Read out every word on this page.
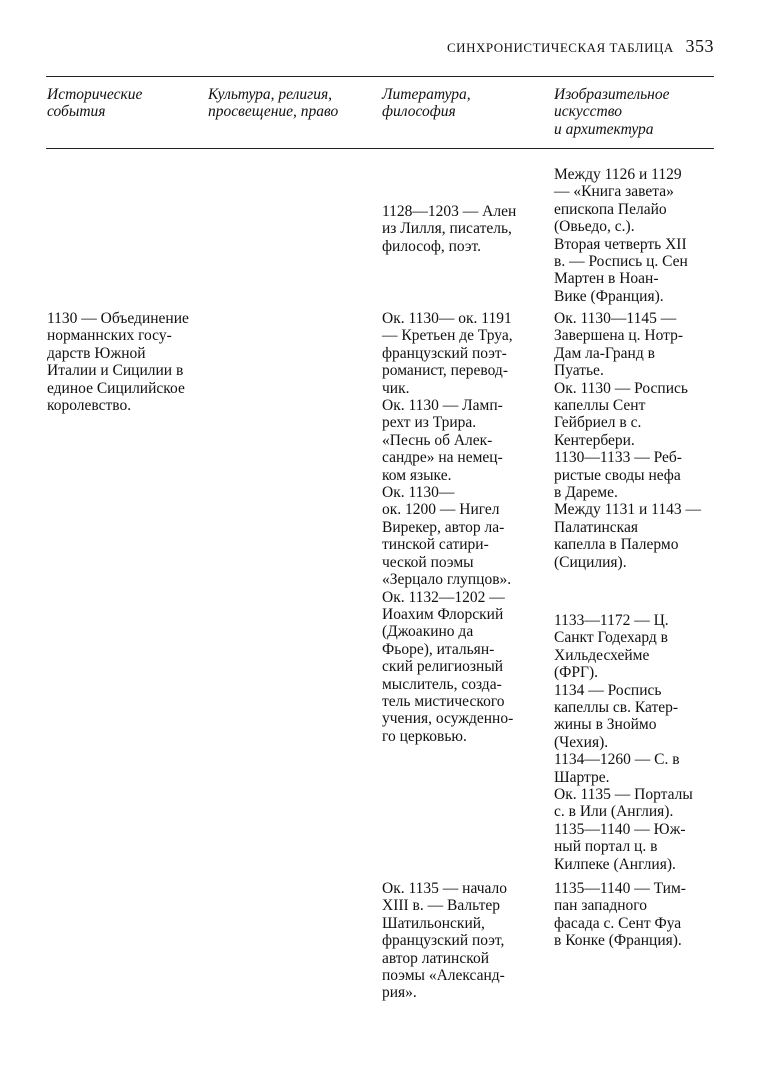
СИНХРОНИСТИЧЕСКАЯ ТАБЛИЦА 353
Исторические
события
Культура, религия,
просвещение, право
Литература,
философия
Изобразительное
искусство
и архитектура
Между 1126 и 1129
— «Книга завета»
епископа Пелайо
(Овьедо, с.).
Вторая четверть XII
в. — Роспись ц. Сен
Мартен в Ноан-
Вике (Франция).
1128—1203 — Ален
из Лилля, писатель,
философ, поэт.
1130 — Объединение
норманнских госу-
дарств Южной
Италии и Сицилии в
единое Сицилийское
королевство.
Ок. 1130— ок. 1191
— Кретьен де Труа,
французский поэт-
романист, перевод-
чик.
Ок. 1130 — Ламп-
рехт из Трира.
«Песнь об Алек-
сандре» на немец-
ком языке.
Ок. 1130—
ок. 1200 — Нигел
Вирекер, автор ла-
тинской сатири-
ческой поэмы
«Зерцало глупцов».
Ок. 1132—1202 —
Иоахим Флорский
(Джоакино да
Фьоре), итальян-
ский религиозный
мыслитель, созда-
тель мистического
учения, осужденно-
го церковью.
Ок. 1130—1145 —
Завершена ц. Нотр-
Дам ла-Гранд в
Пуатье.
Ок. 1130 — Роспись
капеллы Сент
Гейбриел в с.
Кентербери.
1130—1133 — Реб-
ристые своды нефа
в Дареме.
Между 1131 и 1143 —
Палатинская
капелла в Палермо
(Сицилия).
1133—1172 — Ц.
Санкт Годехард в
Хильдесхейме
(ФРГ).
1134 — Роспись
капеллы св. Катер-
жины в Зноймо
(Чехия).
1134—1260 — С. в
Шартре.
Ок. 1135 — Порталы
с. в Или (Англия).
1135—1140 — Юж-
ный портал ц. в
Килпеке (Англия).
Ок. 1135 — начало
XIII в. — Вальтер
Шатильонский,
французский поэт,
автор латинской
поэмы «Александ-
рия».
1135—1140 — Тим-
пан западного
фасада с. Сент Фуа
в Конке (Франция).
